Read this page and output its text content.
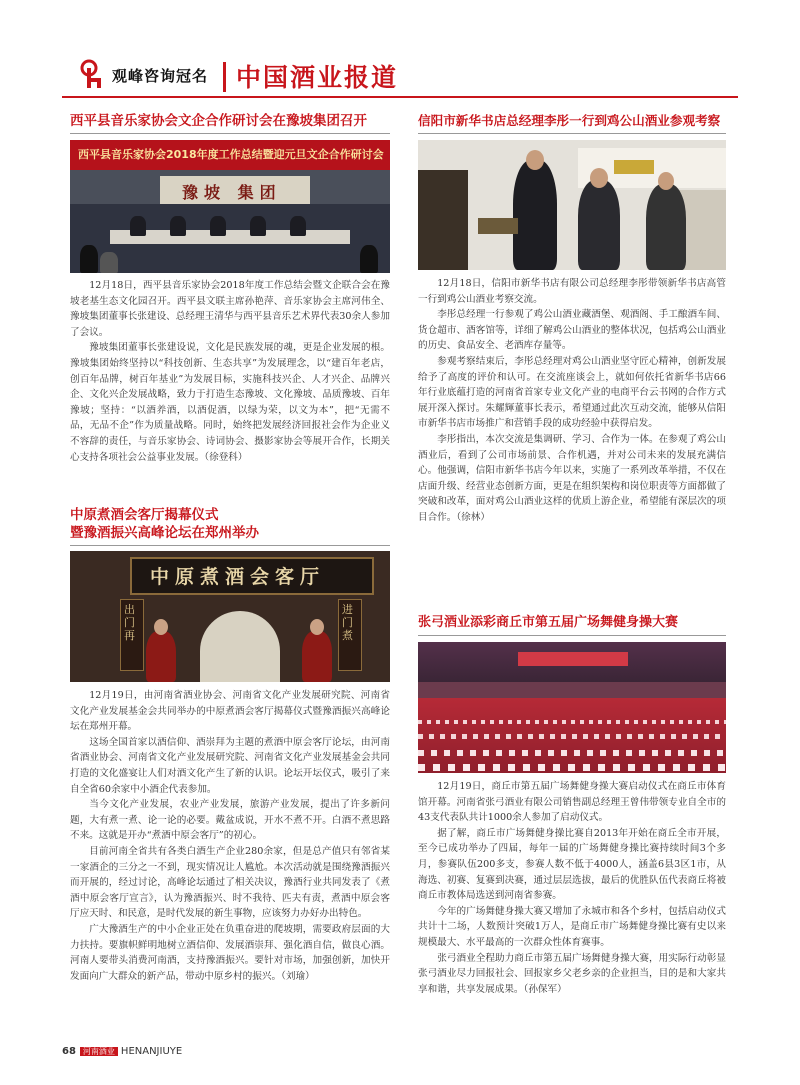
观峰咨询冠名 中国酒业报道
西平县音乐家协会文企合作研讨会在豫坡集团召开
西平县音乐家协会2018年度工作总结暨迎元旦文企合作研讨会
豫坡 集团

12月18日，西平县音乐家协会2018年度工作总结会暨文企联合会在豫坡老基生态文化园召开。西平县文联主席孙艳萍、音乐家协会主席河伟全、豫坡集团董事长张建设、总经理王清华与西平县音乐艺术界代表30余人参加了会议。

豫坡集团董事长张建设说，文化是民族发展的魂，更是企业发展的根。豫坡集团始终坚持以“科技创新、生态共享”为发展理念，以“建百年老店，创百年品牌，树百年基业”为发展目标，实施科技兴企、人才兴企、品牌兴企、文化兴企发展战略，致力于打造生态豫坡、文化豫坡、品质豫坡、百年豫坡；坚持：“以酒养酒，以酒促酒，以绿为荣，以文为本”，把“无需不品，无品不企”作为质量战略。同时，始终把发展经济回报社会作为企业义不容辞的责任，与音乐家协会、诗词协会、摄影家协会等展开合作，长期关心支持各项社会公益事业发展。（徐登科）

中原煮酒会客厅揭幕仪式
暨豫酒振兴高峰论坛在郑州举办
中原煮酒会客厅
出门再
进门煮

12月19日，由河南省酒业协会、河南省文化产业发展研究院、河南省文化产业发展基金会共同举办的中原煮酒会客厅揭幕仪式暨豫酒振兴高峰论坛在郑州开幕。

这场全国首家以酒信仰、酒崇拜为主题的煮酒中原会客厅论坛，由河南省酒业协会、河南省文化产业发展研究院、河南省文化产业发展基金会共同打造的文化盛宴让人们对酒文化产生了新的认识。论坛开坛仪式，吸引了来自全省60余家中小酒企代表参加。

当今文化产业发展，农业产业发展，旅游产业发展，提出了许多新问题，大有煮一煮、论一论的必要。戴盆成说，开水不煮不开。白酒不煮思路不来。这就是开办“煮酒中原会客厅”的初心。

目前河南全省共有各类白酒生产企业280余家，但是总产值只有邻省某一家酒企的三分之一不到，现实情况让人尴尬。本次活动就是围绕豫酒振兴而开展的，经过讨论，高峰论坛通过了相关决议，豫酒行业共同发表了《煮酒中原会客厅宣言》，认为豫酒振兴、时不我待、匹夫有责，煮酒中原会客厅应天时、和民意，是时代发展的新生事物，应该努力办好办出特色。

广大豫酒生产的中小企业正处在负重奋进的爬坡期，需要政府层面的大力扶持。要旗帜鲜明地树立酒信仰、发展酒崇拜、强化酒自信，做良心酒。河南人要带头消费河南酒，支持豫酒振兴。要针对市场，加强创新，加快开发面向广大群众的新产品，带动中原乡村的振兴。（刘瑜）

信阳市新华书店总经理李彤一行到鸡公山酒业参观考察

12月18日，信阳市新华书店有限公司总经理李彤带领新华书店高管一行到鸡公山酒业考察交流。

李彤总经理一行参观了鸡公山酒业藏酒堡、观酒阁、手工酿酒车间、货仓超市、酒客馆等，详细了解鸡公山酒业的整体状况，包括鸡公山酒业的历史、食品安全、老酒库存量等。

参观考察结束后，李彤总经理对鸡公山酒业坚守匠心精神，创新发展给予了高度的评价和认可。在交流座谈会上，就如何依托省新华书店66年行业底蕴打造的河南省首家专业文化产业的电商平台云书网的合作方式展开深入探讨。朱耀輝董事长表示，希望通过此次互动交流，能够从信阳市新华书店市场推广和营销手段的成功经验中获得启发。

李彤指出，本次交流是集调研、学习、合作为一体。在参观了鸡公山酒业后，看到了公司市场前景、合作机遇，并对公司未来的发展充满信心。他强调，信阳市新华书店今年以来，实施了一系列改革举措，不仅在店面升级、经营业态创新方面，更是在组织架构和岗位职责等方面都做了突破和改革，面对鸡公山酒业这样的优质上游企业，希望能有深层次的项目合作。（徐林）

张弓酒业添彩商丘市第五届广场舞健身操大赛

12月19日，商丘市第五届广场舞健身操大赛启动仪式在商丘市体育馆开幕。河南省张弓酒业有限公司销售副总经理王曾伟带领专业自全市的43支代表队共计1000余人参加了启动仪式。

据了解，商丘市广场舞健身操比赛自2013年开始在商丘全市开展，至今已成功举办了四届，每年一届的广场舞健身操比赛持续时间3个多月，参赛队伍200多支，参赛人数不低于4000人，涵盖6县3区1市，从海选、初赛、复赛到决赛，通过层层选拔，最后的优胜队伍代表商丘将被商丘市教体局选送到河南省参赛。

今年的广场舞健身操大赛又增加了永城市和各个乡村，包括启动仪式共计十二场，人数预计突破1万人，是商丘市广场舞健身操比赛有史以来规模最大、水平最高的一次群众性体育赛事。

张弓酒业全程助力商丘市第五届广场舞健身操大赛，用实际行动彰显张弓酒业尽力回报社会、回报家乡父老乡亲的企业担当，目的是和大家共享和谐，共享发展成果。（孙保军）

68 河南酒业 HENANJIUYE
